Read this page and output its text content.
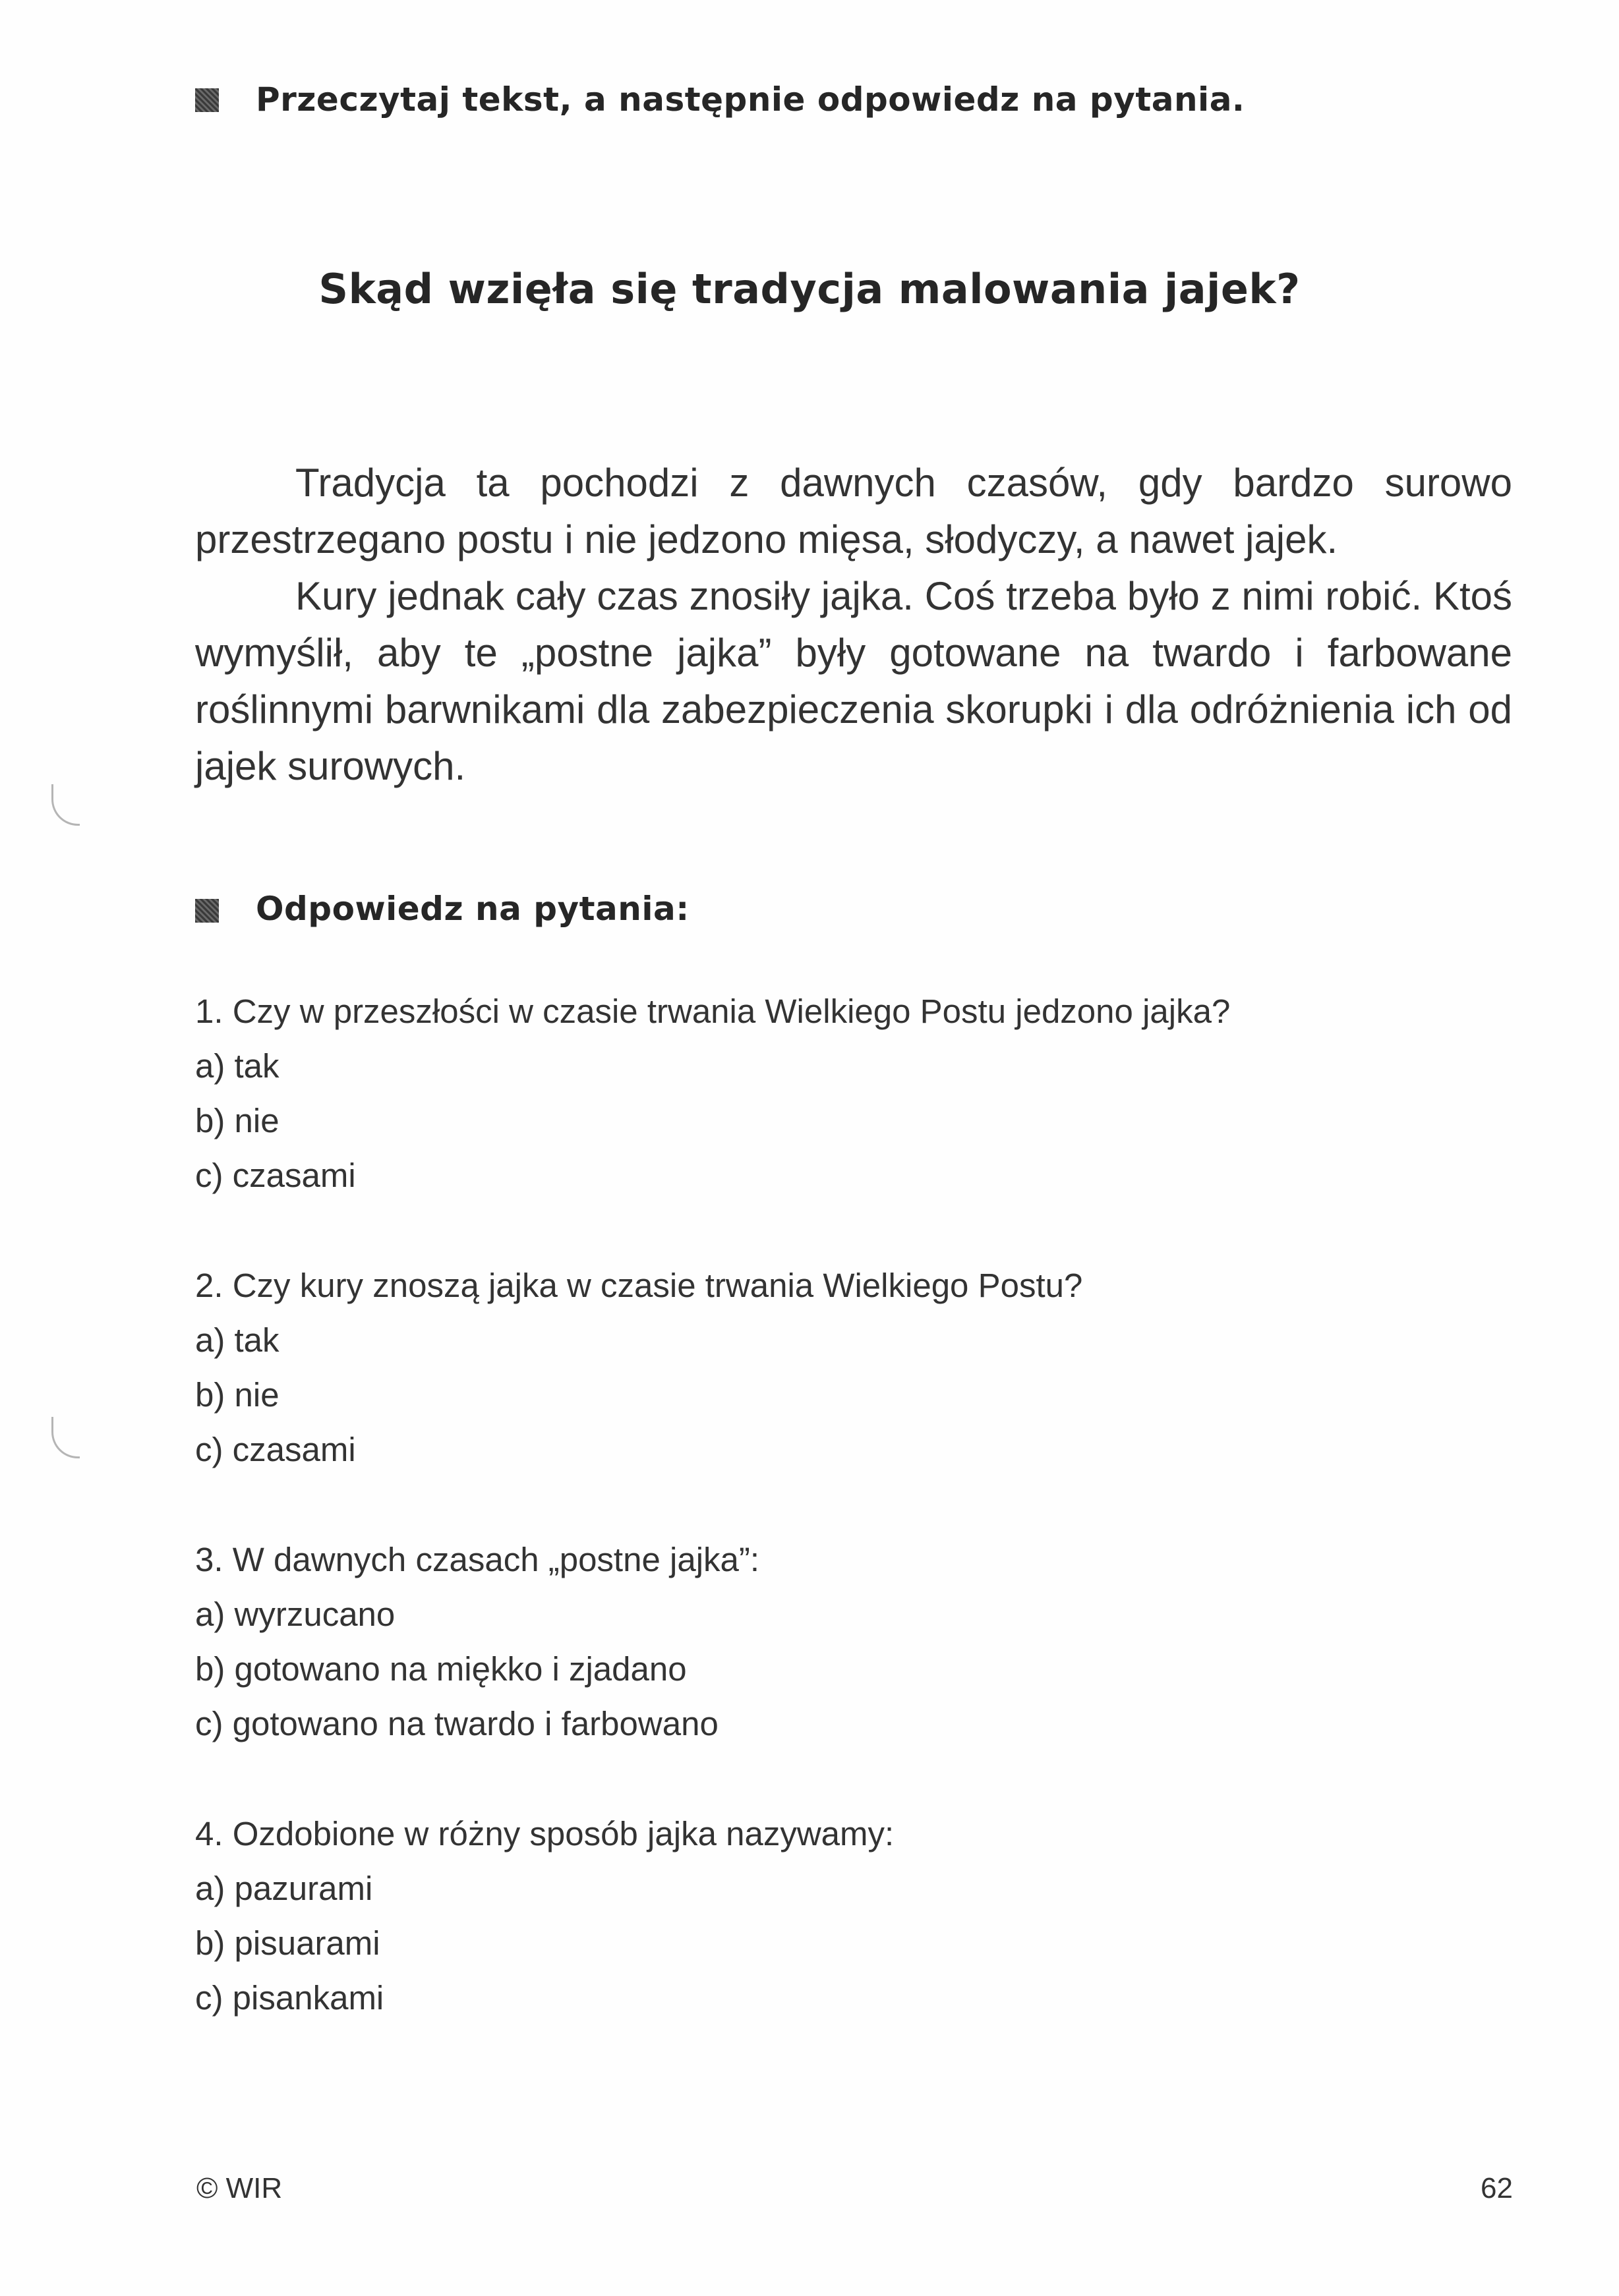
Przeczytaj tekst, a następnie odpowiedz na pytania.
Skąd wzięła się tradycja malowania jajek?

Tradycja ta pochodzi z dawnych czasów, gdy bardzo surowo przestrzegano postu i nie jedzono mięsa, słodyczy, a nawet jajek.

Kury jednak cały czas znosiły jajka. Coś trzeba było z nimi robić. Ktoś wymyślił, aby te „postne jajka” były gotowane na twardo i farbowane roślinnymi barwnikami dla zabezpieczenia skorupki i dla odróżnienia ich od jajek surowych.

Odpowiedz na pytania:
1. Czy w przeszłości w czasie trwania Wielkiego Postu jedzono jajka?
a) tak
b) nie
c) czasami
2. Czy kury znoszą jajka w czasie trwania Wielkiego Postu?
a) tak
b) nie
c) czasami
3. W dawnych czasach „postne jajka”:
a) wyrzucano
b) gotowano na miękko i zjadano
c) gotowano na twardo i farbowano
4. Ozdobione w różny sposób jajka nazywamy:
a) pazurami
b) pisuarami
c) pisankami
© WIR	62
